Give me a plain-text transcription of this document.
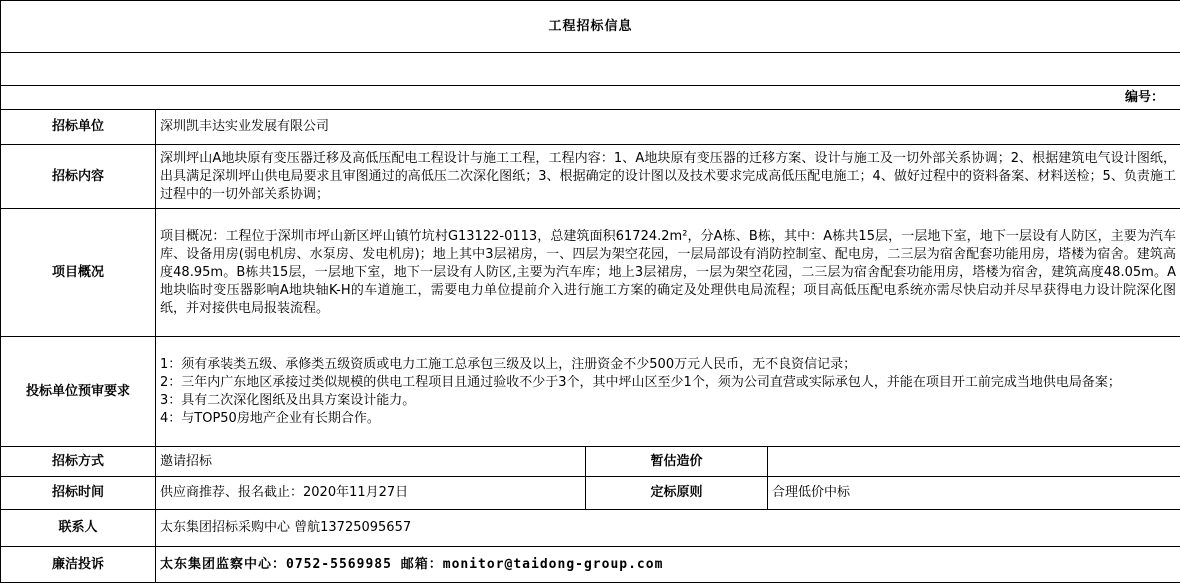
工程招标信息			

编号：			
招标单位	深圳凯丰达实业发展有限公司		
招标内容	深圳坪山A地块原有变压器迁移及高低压配电工程设计与施工工程，工程内容：1、A地块原有变压器的迁移方案、设计与施工及一切外部关系协调；2、根据建筑电气设计图纸，出具满足深圳坪山供电局要求且审图通过的高低压二次深化图纸；3、根据确定的设计图以及技术要求完成高低压配电施工；4、做好过程中的资料备案、材料送检；5、负责施工过程中的一切外部关系协调；		
项目概况	项目概况：工程位于深圳市坪山新区坪山镇竹坑村G13122-0113，总建筑面积61724.2m²，分A栋、B栋，其中：A栋共15层，一层地下室，地下一层设有人防区，主要为汽车库、设备用房(弱电机房、水泵房、发电机房)；地上其中3层裙房，一、四层为架空花园，一层局部设有消防控制室、配电房，二三层为宿舍配套功能用房，塔楼为宿舍。建筑高度48.95m。B栋共15层，一层地下室，地下一层设有人防区,主要为汽车库；地上3层裙房，一层为架空花园，二三层为宿舍配套功能用房，塔楼为宿舍，建筑高度48.05m。A地块临时变压器影响A地块轴K-H的车道施工，需要电力单位提前介入进行施工方案的确定及处理供电局流程；项目高低压配电系统亦需尽快启动并尽早获得电力设计院深化图纸，并对接供电局报装流程。		
投标单位预审要求	1：须有承装类五级、承修类五级资质或电力工施工总承包三级及以上，注册资金不少500万元人民币，无不良资信记录；
2：三年内广东地区承接过类似规模的供电工程项目且通过验收不少于3个，其中坪山区至少1个，须为公司直营或实际承包人，并能在项目开工前完成当地供电局备案；
3：具有二次深化图纸及出具方案设计能力。
4：与TOP50房地产企业有长期合作。		

招标方式	邀请招标	暂估造价	
招标时间	供应商推荐、报名截止：2020年11月27日	定标原则	合理低价中标
联系人	太东集团招标采购中心 曾航13725095657		
廉洁投诉	太东集团监察中心：0752-5569985 邮箱：monitor@taidong-group.com		
